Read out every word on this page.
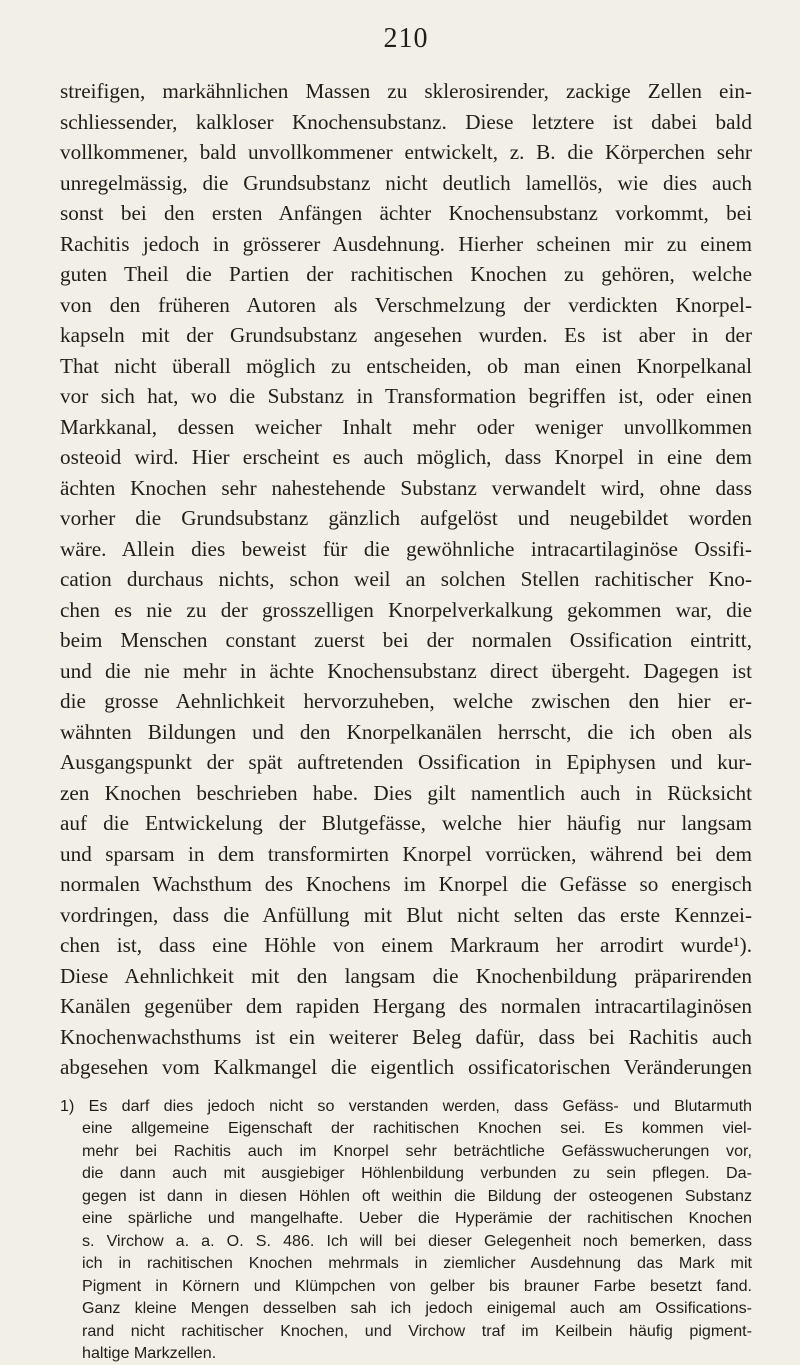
210
streifigen, markähnlichen Massen zu sklerosirender, zackige Zellen ein-
schliessender, kalkloser Knochensubstanz. Diese letztere ist dabei bald
vollkommener, bald unvollkommener entwickelt, z. B. die Körperchen sehr
unregelmässig, die Grundsubstanz nicht deutlich lamellös, wie dies auch
sonst bei den ersten Anfängen ächter Knochensubstanz vorkommt, bei
Rachitis jedoch in grösserer Ausdehnung. Hierher scheinen mir zu einem
guten Theil die Partien der rachitischen Knochen zu gehören, welche
von den früheren Autoren als Verschmelzung der verdickten Knorpel-
kapseln mit der Grundsubstanz angesehen wurden. Es ist aber in der
That nicht überall möglich zu entscheiden, ob man einen Knorpelkanal
vor sich hat, wo die Substanz in Transformation begriffen ist, oder einen
Markkanal, dessen weicher Inhalt mehr oder weniger unvollkommen
osteoid wird. Hier erscheint es auch möglich, dass Knorpel in eine dem
ächten Knochen sehr nahestehende Substanz verwandelt wird, ohne dass
vorher die Grundsubstanz gänzlich aufgelöst und neugebildet worden
wäre. Allein dies beweist für die gewöhnliche intracartilaginöse Ossifi-
cation durchaus nichts, schon weil an solchen Stellen rachitischer Kno-
chen es nie zu der grosszelligen Knorpelverkalkung gekommen war, die
beim Menschen constant zuerst bei der normalen Ossification eintritt,
und die nie mehr in ächte Knochensubstanz direct übergeht. Dagegen ist
die grosse Aehnlichkeit hervorzuheben, welche zwischen den hier er-
wähnten Bildungen und den Knorpelkanälen herrscht, die ich oben als
Ausgangspunkt der spät auftretenden Ossification in Epiphysen und kur-
zen Knochen beschrieben habe. Dies gilt namentlich auch in Rücksicht
auf die Entwickelung der Blutgefässe, welche hier häufig nur langsam
und sparsam in dem transformirten Knorpel vorrücken, während bei dem
normalen Wachsthum des Knochens im Knorpel die Gefässe so energisch
vordringen, dass die Anfüllung mit Blut nicht selten das erste Kennzei-
chen ist, dass eine Höhle von einem Markraum her arrodirt wurde¹).
Diese Aehnlichkeit mit den langsam die Knochenbildung präparirenden
Kanälen gegenüber dem rapiden Hergang des normalen intracartilaginösen
Knochenwachsthums ist ein weiterer Beleg dafür, dass bei Rachitis auch
abgesehen vom Kalkmangel die eigentlich ossificatorischen Veränderungen
1) Es darf dies jedoch nicht so verstanden werden, dass Gefäss- und Blutarmuth
eine allgemeine Eigenschaft der rachitischen Knochen sei. Es kommen viel-
mehr bei Rachitis auch im Knorpel sehr beträchtliche Gefässwucherungen vor,
die dann auch mit ausgiebiger Höhlenbildung verbunden zu sein pflegen. Da-
gegen ist dann in diesen Höhlen oft weithin die Bildung der osteogenen Substanz
eine spärliche und mangelhafte. Ueber die Hyperämie der rachitischen Knochen
s. Virchow a. a. O. S. 486. Ich will bei dieser Gelegenheit noch bemerken, dass
ich in rachitischen Knochen mehrmals in ziemlicher Ausdehnung das Mark mit
Pigment in Körnern und Klümpchen von gelber bis brauner Farbe besetzt fand.
Ganz kleine Mengen desselben sah ich jedoch einigemal auch am Ossifications-
rand nicht rachitischer Knochen, und Virchow traf im Keilbein häufig pigment-
haltige Markzellen.
